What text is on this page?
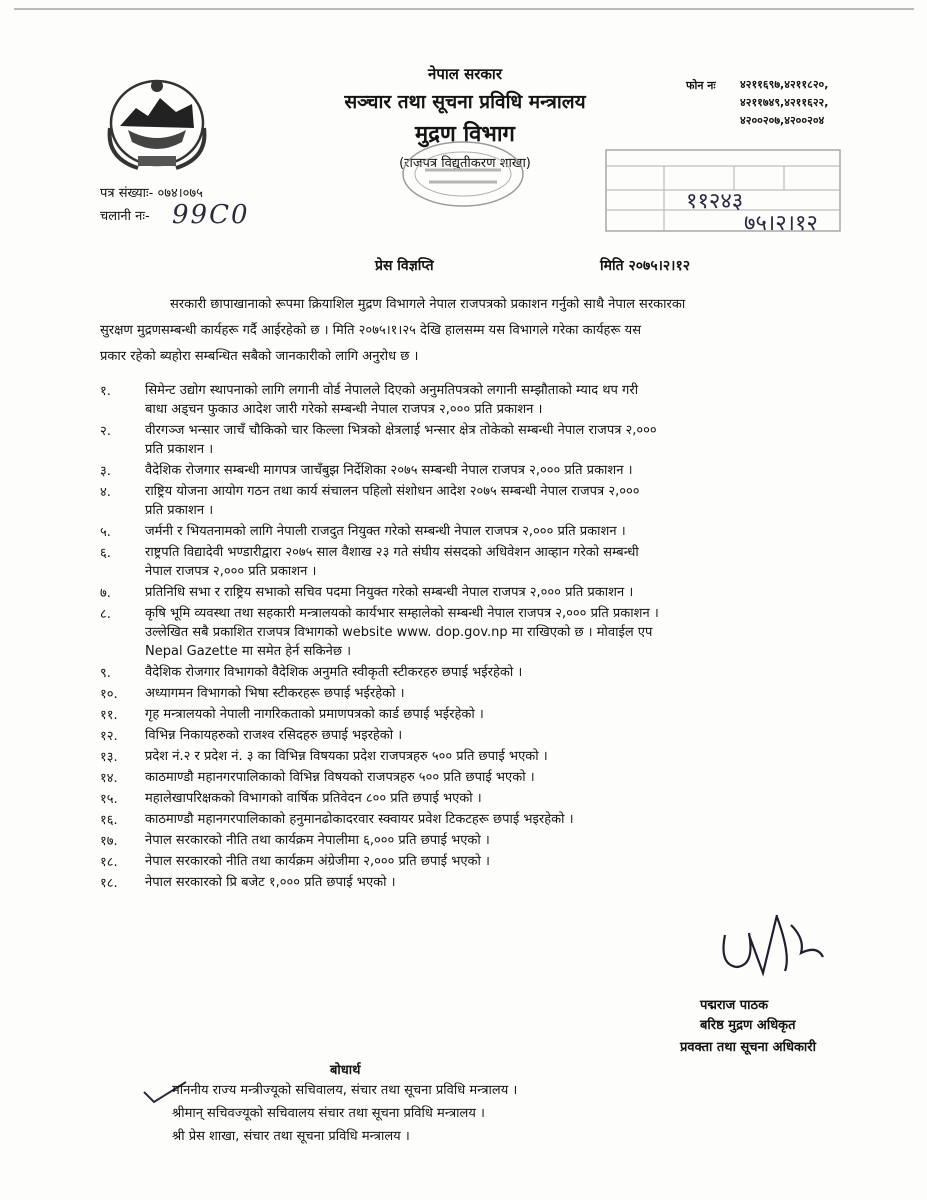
नेपाल सरकार
सञ्चार तथा सूचना प्रविधि मन्त्रालय
मुद्रण विभाग
(राजपत्र विद्युतीकरण शाखा)
फोन नः ४२११६९७,४२११८२०,
४२११७४९,४२११६२२,
४२००२०७,४२००२०४
११२४३
७५।२।१२
पत्र संख्याः- ०७४।०७५
चलानी नः- 99C0
प्रेस विज्ञप्ति	मिति २०७५।२।१२

सरकारी छापाखानाको रूपमा क्रियाशिल मुद्रण विभागले नेपाल राजपत्रको प्रकाशन गर्नुको साथै नेपाल सरकारका
सुरक्षण मुद्रणसम्बन्धी कार्यहरू गर्दै आईरहेको छ । मिति २०७५।१।२५ देखि हालसम्म यस विभागले गरेका कार्यहरू यस
प्रकार रहेको ब्यहोरा सम्बन्धित सबैको जानकारीको लागि अनुरोध छ ।

१.	सिमेन्ट उद्योग स्थापनाको लागि लगानी वोर्ड नेपालले दिएको अनुमतिपत्रको लगानी सम्झौताको म्याद थप गरी
बाधा अड्चन फुकाउ आदेश जारी गरेको सम्बन्धी नेपाल राजपत्र २,००० प्रति प्रकाशन ।
२.	वीरगञ्ज भन्सार जाचँ चौकिको चार किल्ला भित्रको क्षेत्रलाई भन्सार क्षेत्र तोकेको सम्बन्धी नेपाल राजपत्र २,०००
प्रति प्रकाशन ।
३.	वैदेशिक रोजगार सम्बन्धी मागपत्र जाचँबुझ निर्देशिका २०७५ सम्बन्धी नेपाल राजपत्र २,००० प्रति प्रकाशन ।
४.	राष्ट्रिय योजना आयोग गठन तथा कार्य संचालन पहिलो संशोधन आदेश २०७५ सम्बन्धी नेपाल राजपत्र २,०००
प्रति प्रकाशन ।
५.	जर्मनी र भियतनामको लागि नेपाली राजदुत नियुक्त गरेको सम्बन्धी नेपाल राजपत्र २,००० प्रति प्रकाशन ।
६.	राष्ट्रपति विद्यादेवी भण्डारीद्वारा २०७५ साल वैशाख २३ गते संघीय संसदको अधिवेशन आव्हान गरेको सम्बन्धी
नेपाल राजपत्र २,००० प्रति प्रकाशन ।
७.	प्रतिनिधि सभा र राष्ट्रिय सभाको सचिव पदमा नियुक्त गरेको सम्बन्धी नेपाल राजपत्र २,००० प्रति प्रकाशन ।
८.	कृषि भूमि व्यवस्था तथा सहकारी मन्त्रालयको कार्यभार सम्हालेको सम्बन्धी नेपाल राजपत्र २,००० प्रति प्रकाशन ।
उल्लेखित सबै प्रकाशित राजपत्र विभागको website www. dop.gov.np मा राखिएको छ । मोवाईल एप
Nepal Gazette मा समेत हेर्न सकिनेछ ।
९.	वैदेशिक रोजगार विभागको वैदेशिक अनुमति स्वीकृती स्टीकरहरु छपाई भईरहेको ।
१०.	अध्यागमन विभागको भिषा स्टीकरहरू छपाई भईरहेको ।
११.	गृह मन्त्रालयको नेपाली नागरिकताको प्रमाणपत्रको कार्ड छपाई भईरहेको ।
१२.	विभिन्न निकायहरुको राजश्व रसिदहरु छपाई भइरहेको ।
१३.	प्रदेश नं.२ र प्रदेश नं. ३ का विभिन्न विषयका प्रदेश राजपत्रहरु ५०० प्रति छपाई भएको ।
१४.	काठमाण्डौ महानगरपालिकाको विभिन्न विषयको राजपत्रहरु ५०० प्रति छपाई भएको ।
१५.	महालेखापरिक्षकको विभागको वार्षिक प्रतिवेदन ८०० प्रति छपाई भएको ।
१६.	काठमाण्डौ महानगरपालिकाको हनुमानढोकादरवार स्क्वायर प्रवेश टिकटहरू छपाई भइरहेको ।
१७.	नेपाल सरकारको नीति तथा कार्यक्रम नेपालीमा ६,००० प्रति छपाई भएको ।
१८.	नेपाल सरकारको नीति तथा कार्यक्रम अंग्रेजीमा २,००० प्रति छपाई भएको ।
१८.	नेपाल सरकारको प्रि बजेट १,००० प्रति छपाई भएको ।
पद्मराज पाठक
बरिष्ठ मुद्रण अधिकृत
प्रवक्ता तथा सूचना अधिकारी
बोधार्थ
माननीय राज्य मन्त्रीज्यूको सचिवालय, संचार तथा सूचना प्रविधि मन्त्रालय ।
श्रीमान् सचिवज्यूको सचिवालय संचार तथा सूचना प्रविधि मन्त्रालय ।
श्री प्रेस शाखा, संचार तथा सूचना प्रविधि मन्त्रालय ।
